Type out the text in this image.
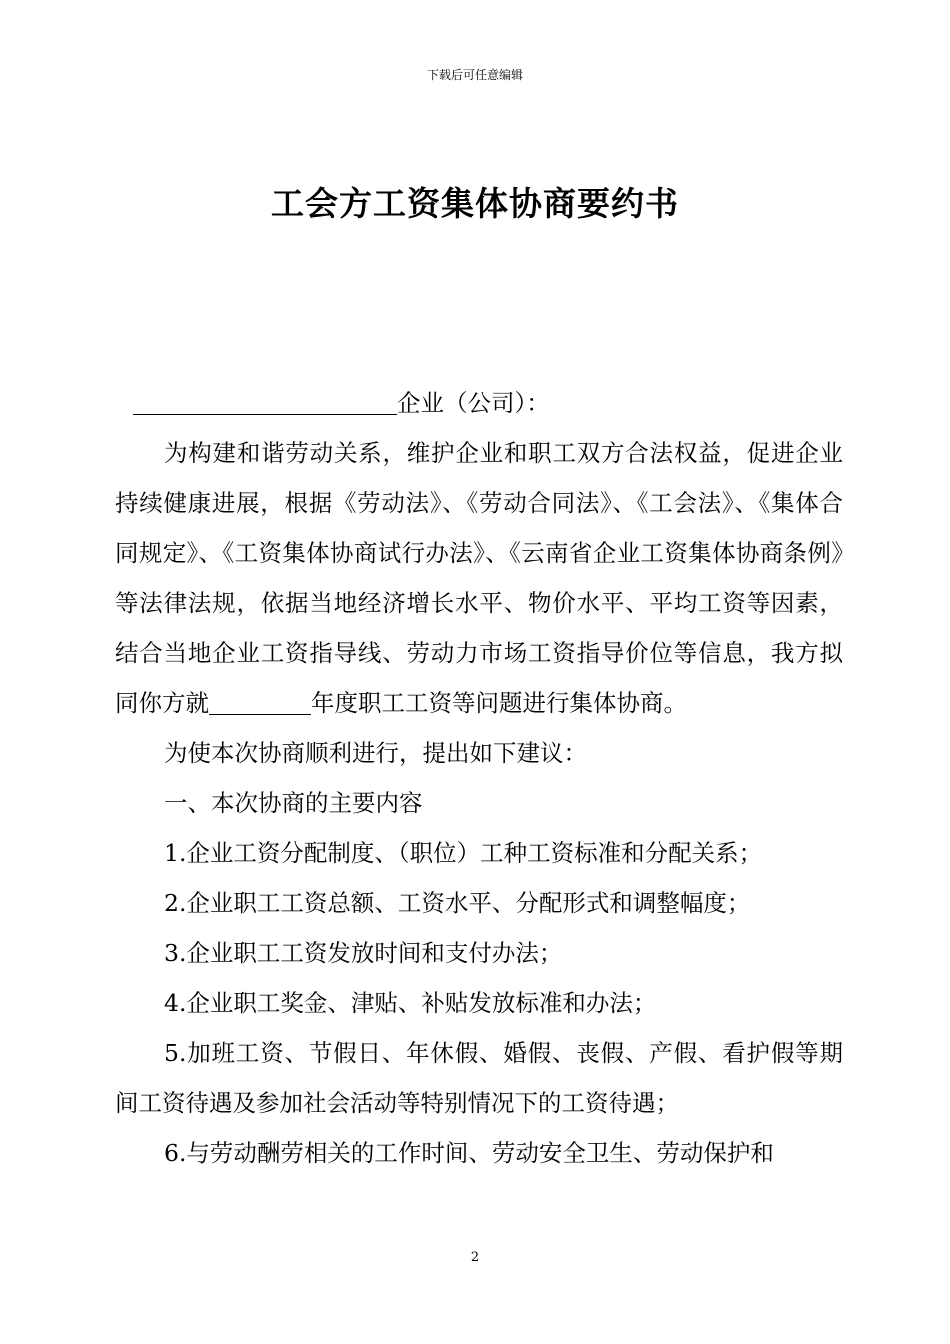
下载后可任意编辑
工会方工资集体协商要约书

企业（公司）：

为构建和谐劳动关系，维护企业和职工双方合法权益，促进企业持续健康进展，根据《劳动法》、《劳动合同法》、《工会法》、《集体合同规定》、《工资集体协商试行办法》、《云南省企业工资集体协商条例》等法律法规，依据当地经济增长水平、物价水平、平均工资等因素，结合当地企业工资指导线、劳动力市场工资指导价位等信息，我方拟同你方就	年度职工工资等问题进行集体协商。

为使本次协商顺利进行，提出如下建议：

一、本次协商的主要内容

1.企业工资分配制度、（职位）工种工资标准和分配关系；

2.企业职工工资总额、工资水平、分配形式和调整幅度；

3.企业职工工资发放时间和支付办法；

4.企业职工奖金、津贴、补贴发放标准和办法；

5.加班工资、节假日、年休假、婚假、丧假、产假、看护假等期间工资待遇及参加社会活动等特别情况下的工资待遇；

6.与劳动酬劳相关的工作时间、劳动安全卫生、劳动保护和

2
